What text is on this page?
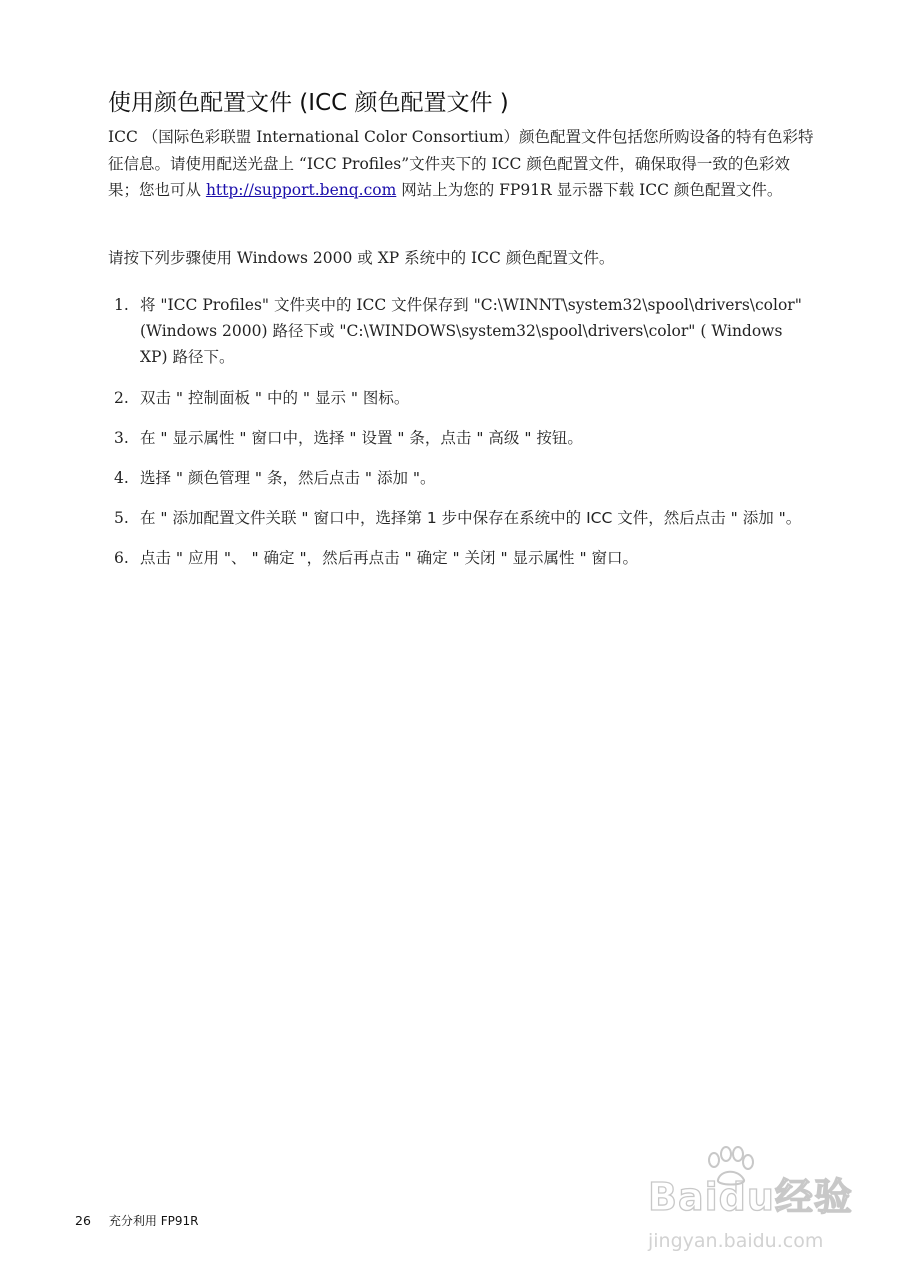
使用颜色配置文件 (ICC 颜色配置文件 )

ICC （国际色彩联盟 International Color Consortium）颜色配置文件包括您所购设备的特有色彩特征信息。请使用配送光盘上 “ICC Profiles”文件夹下的 ICC 颜色配置文件，确保取得一致的色彩效果；您也可从 http://support.benq.com 网站上为您的 FP91R 显示器下载 ICC 颜色配置文件。

请按下列步骤使用 Windows 2000 或 XP 系统中的 ICC 颜色配置文件。

1. 将 "ICC Profiles" 文件夹中的 ICC 文件保存到 "C:\WINNT\system32\spool\drivers\color" (Windows 2000) 路径下或 "C:\WINDOWS\system32\spool\drivers\color" ( Windows XP) 路径下。
2. 双击 " 控制面板 " 中的 " 显示 " 图标。
3. 在 " 显示属性 " 窗口中，选择 " 设置 " 条，点击 " 高级 " 按钮。
4. 选择 " 颜色管理 " 条，然后点击 " 添加 "。
5. 在 " 添加配置文件关联 " 窗口中，选择第 1 步中保存在系统中的 ICC 文件，然后点击 " 添加 "。
6. 点击 " 应用 "、 " 确定 "，然后再点击 " 确定 " 关闭 " 显示属性 " 窗口。
26 充分利用 FP91R
Baidu经验
jingyan.baidu.com
